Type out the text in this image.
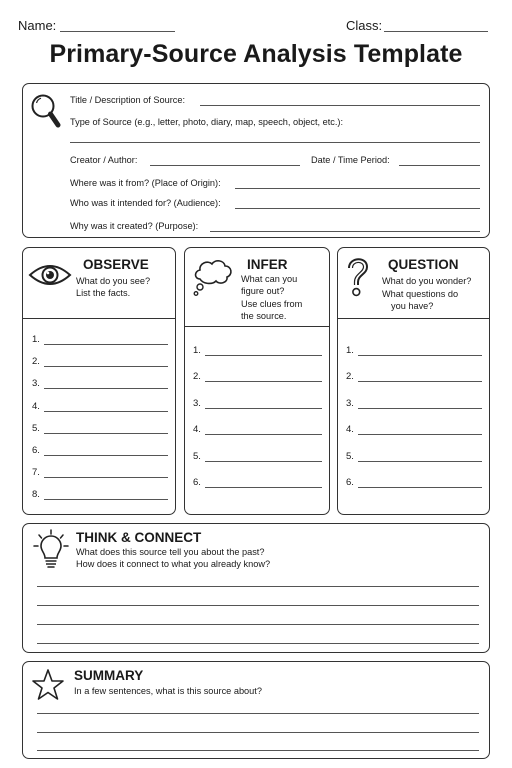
Name:	Class:
Primary-Source Analysis Template
Title / Description of Source:
Type of Source (e.g., letter, photo, diary, map, speech, object, etc.):
Creator / Author:	Date / Time Period:
Where was it from? (Place of Origin):
Who was it intended for? (Audience):
Why was it created? (Purpose):
OBSERVE
What do you see?
List the facts.
1.
2.
3.
4.
5.
6.
7.
8.
INFER
What can you
figure out?
Use clues from
the source.
1.
2.
3.
4.
5.
6.
QUESTION
What do you wonder?
What questions do
you have?
1.
2.
3.
4.
5.
6.
THINK & CONNECT
What does this source tell you about the past?
How does it connect to what you already know?
SUMMARY
In a few sentences, what is this source about?
